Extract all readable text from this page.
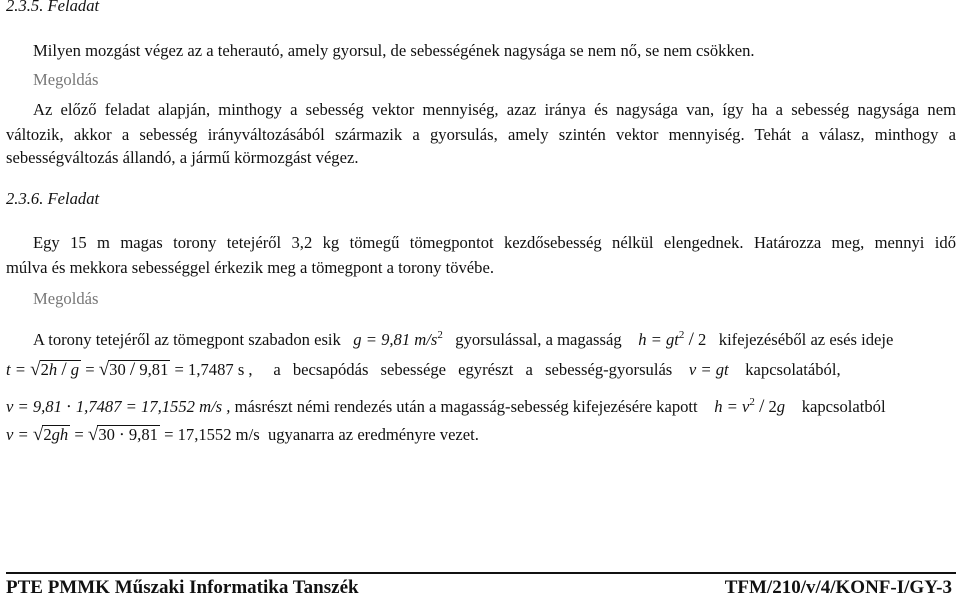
2.3.5. Feladat
Milyen mozgást végez az a teherautó, amely gyorsul, de sebességének nagysága se nem nő, se nem csökken.
Megoldás
Az előző feladat alapján, minthogy a sebesség vektor mennyiség, azaz iránya és nagysága van, így ha a sebesség nagysága nem
változik, akkor a sebesség irányváltozásából származik a gyorsulás, amely szintén vektor mennyiség. Tehát a válasz, minthogy a
sebességváltozás állandó, a jármű körmozgást végez.
2.3.6. Feladat
Egy 15 m magas torony tetejéről 3,2 kg tömegű tömegpontot kezdősebesség nélkül elengednek. Határozza meg, mennyi idő
múlva és mekkora sebességgel érkezik meg a tömegpont a torony tövébe.
Megoldás
A torony tetejéről az tömegpont szabadon esik g = 9,81 $m/s^2$ gyorsulással, a magasság $h = gt^2 / 2$ kifejezéséből az esés ideje
t = √2h / g = √30 / 9,81 = 1,7487 s , a becsapódás sebessége egyrészt a sebesség-gyorsulás v = gt kapcsolatából,
v = 9,81 ⋅ 1,7487 = 17,1552 m/s , másrészt némi rendezés után a magasság-sebesség kifejezésére kapott $h = v^2 / 2g$ kapcsolatból
v = √2gh = √30 ⋅ 9,81 = 17,1552 m/s ugyanarra az eredményre vezet.
PTE PMMK Műszaki Informatika Tanszék	TFM/210/v/4/KONF-I/GY-3
